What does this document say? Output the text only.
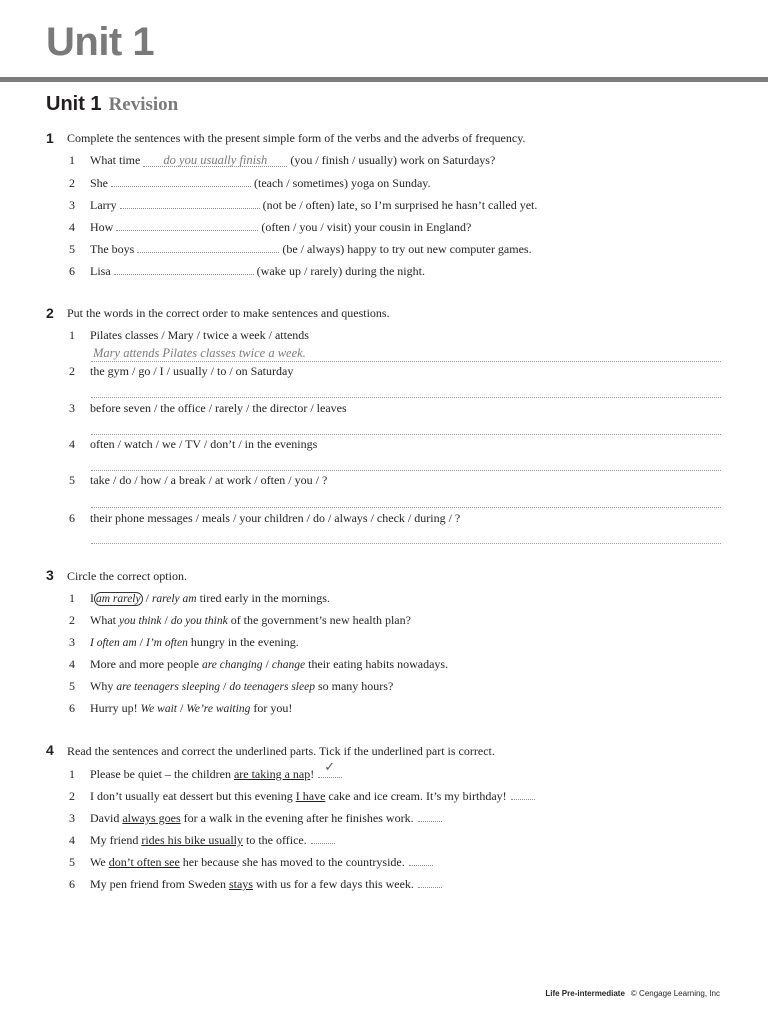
Unit 1
Unit 1 Revision
1 Complete the sentences with the present simple form of the verbs and the adverbs of frequency.
1 What time do you usually finish (you / finish / usually) work on Saturdays?
2 She	(teach / sometimes) yoga on Sunday.
3 Larry	(not be / often) late, so I’m surprised he hasn’t called yet.
4 How	(often / you / visit) your cousin in England?
5 The boys	(be / always) happy to try out new computer games.
6 Lisa	(wake up / rarely) during the night.
2 Put the words in the correct order to make sentences and questions.
1 Pilates classes / Mary / twice a week / attends
Mary attends Pilates classes twice a week.
2 the gym / go / I / usually / to / on Saturday
3 before seven / the office / rarely / the director / leaves
4 often / watch / we / TV / don’t / in the evenings
5 take / do / how / a break / at work / often / you / ?
6 their phone messages / meals / your children / do / always / check / during / ?
3 Circle the correct option.
1 I am rarely / rarely am tired early in the mornings.
2 What you think / do you think of the government’s new health plan?
3 I often am / I’m often hungry in the evening.
4 More and more people are changing / change their eating habits nowadays.
5 Why are teenagers sleeping / do teenagers sleep so many hours?
6 Hurry up! We wait / We’re waiting for you!
4 Read the sentences and correct the underlined parts. Tick if the underlined part is correct.
1 Please be quiet – the children are taking a nap! ✓
2 I don’t usually eat dessert but this evening I have cake and ice cream. It’s my birthday!
3 David always goes for a walk in the evening after he finishes work.
4 My friend rides his bike usually to the office.
5 We don’t often see her because she has moved to the countryside.
6 My pen friend from Sweden stays with us for a few days this week.
Life Pre-intermediate © Cengage Learning, Inc
